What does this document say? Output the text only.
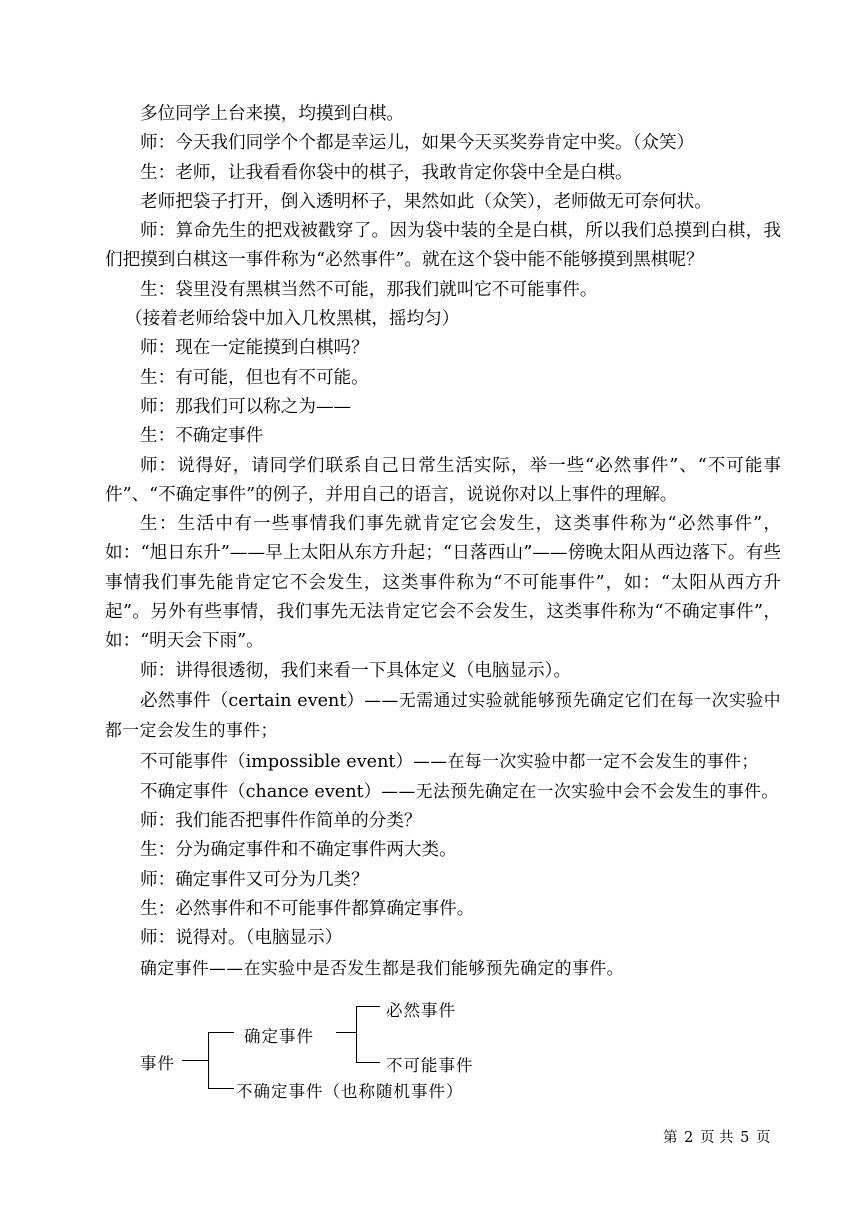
多位同学上台来摸，均摸到白棋。

师：今天我们同学个个都是幸运儿，如果今天买奖券肯定中奖。（众笑）

生：老师，让我看看你袋中的棋子，我敢肯定你袋中全是白棋。

老师把袋子打开，倒入透明杯子，果然如此（众笑），老师做无可奈何状。

师：算命先生的把戏被戳穿了。因为袋中装的全是白棋，所以我们总摸到白棋，我们把摸到白棋这一事件称为“必然事件”。就在这个袋中能不能够摸到黑棋呢？

生：袋里没有黑棋当然不可能，那我们就叫它不可能事件。

（接着老师给袋中加入几枚黑棋，摇均匀）

师：现在一定能摸到白棋吗？

生：有可能，但也有不可能。

师：那我们可以称之为——

生：不确定事件

师：说得好，请同学们联系自己日常生活实际，举一些“必然事件”、“不可能事件”、“不确定事件”的例子，并用自己的语言，说说你对以上事件的理解。

生：生活中有一些事情我们事先就肯定它会发生，这类事件称为“必然事件”，如：“旭日东升”——早上太阳从东方升起；“日落西山”——傍晚太阳从西边落下。有些事情我们事先能肯定它不会发生，这类事件称为“不可能事件”，如：“太阳从西方升起”。另外有些事情，我们事先无法肯定它会不会发生，这类事件称为“不确定事件”，如：“明天会下雨”。

师：讲得很透彻，我们来看一下具体定义（电脑显示）。

必然事件（certain event）——无需通过实验就能够预先确定它们在每一次实验中都一定会发生的事件；

不可能事件（impossible event）——在每一次实验中都一定不会发生的事件；

不确定事件（chance event）——无法预先确定在一次实验中会不会发生的事件。

师：我们能否把事件作简单的分类？

生：分为确定事件和不确定事件两大类。

师：确定事件又可分为几类？

生：必然事件和不可能事件都算确定事件。

师：说得对。（电脑显示）

确定事件——在实验中是否发生都是我们能够预先确定的事件。

事件
确定事件
不确定事件（也称随机事件）
必然事件
不可能事件
第 2 页 共 5 页
